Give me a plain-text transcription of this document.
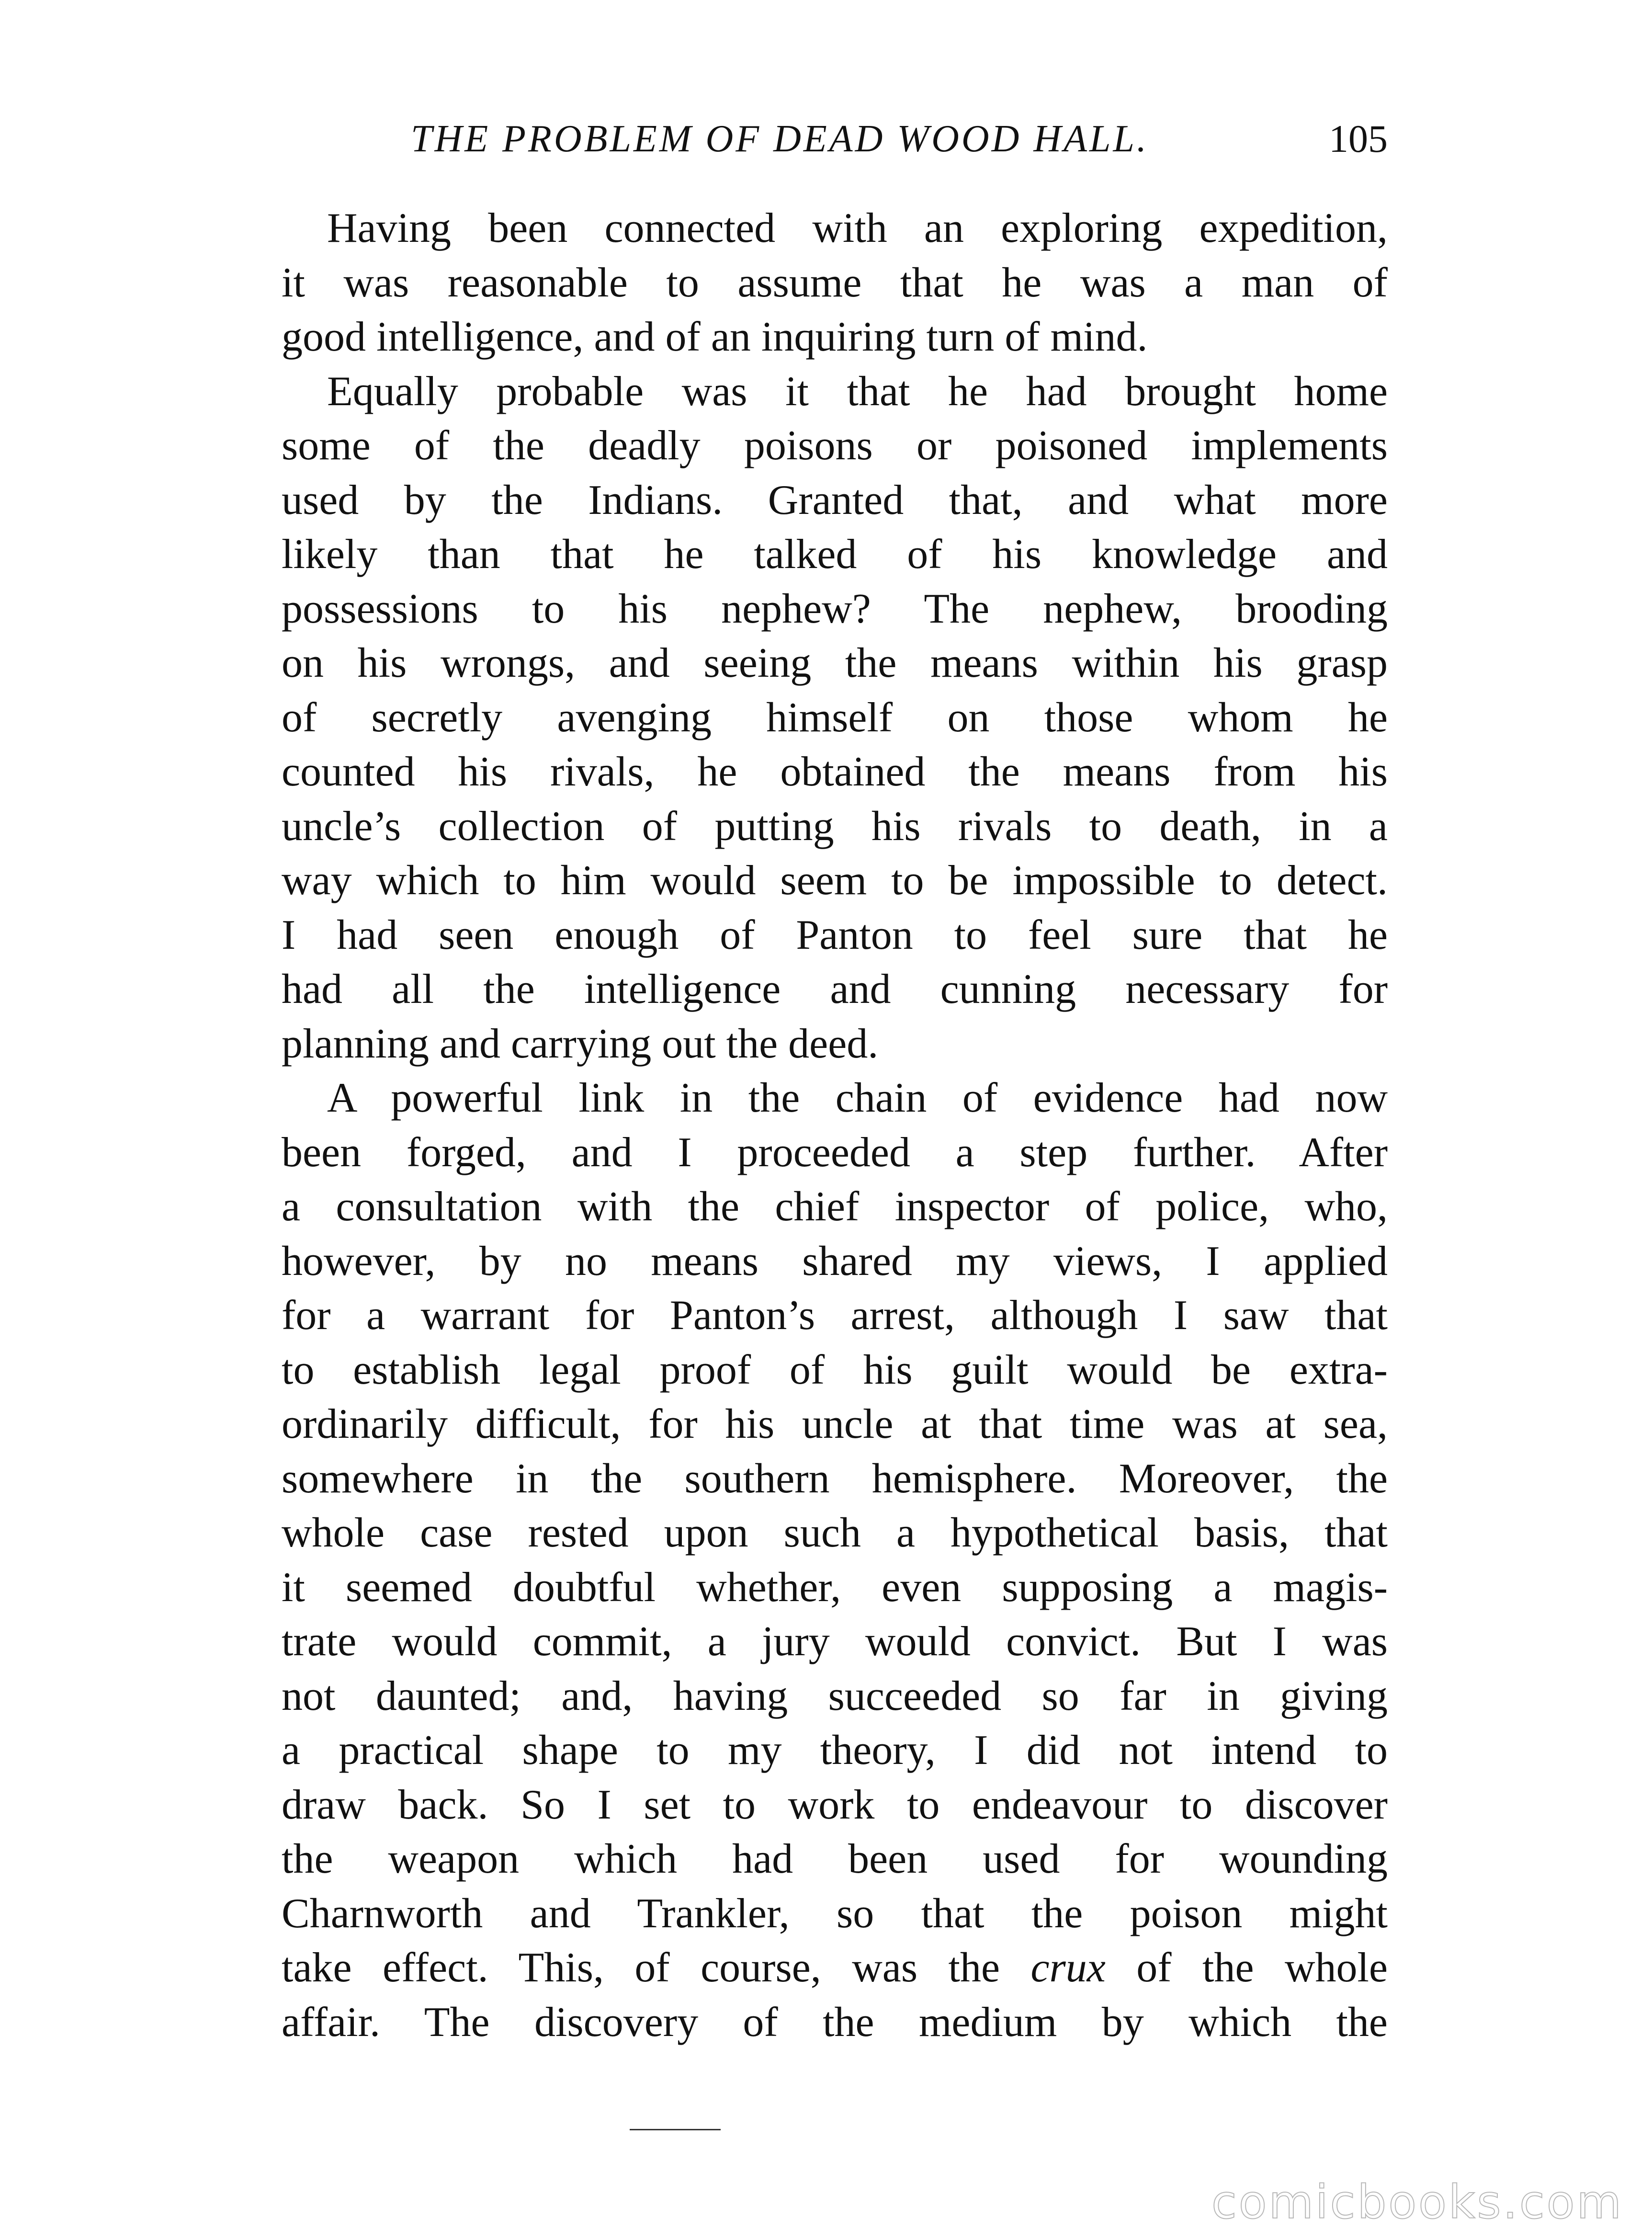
THE PROBLEM OF DEAD WOOD HALL.	105
Having been connected with an exploring expedition,
it was reasonable to assume that he was a man of
good intelligence, and of an inquiring turn of mind.
Equally probable was it that he had brought home
some of the deadly poisons or poisoned implements
used by the Indians. Granted that, and what more
likely than that he talked of his knowledge and
possessions to his nephew? The nephew, brooding
on his wrongs, and seeing the means within his grasp
of secretly avenging himself on those whom he
counted his rivals, he obtained the means from his
uncle’s collection of putting his rivals to death, in a
way which to him would seem to be impossible to detect.
I had seen enough of Panton to feel sure that he
had all the intelligence and cunning necessary for
planning and carrying out the deed.
A powerful link in the chain of evidence had now
been forged, and I proceeded a step further. After
a consultation with the chief inspector of police, who,
however, by no means shared my views, I applied
for a warrant for Panton’s arrest, although I saw that
to establish legal proof of his guilt would be extra-
ordinarily difficult, for his uncle at that time was at sea,
somewhere in the southern hemisphere. Moreover, the
whole case rested upon such a hypothetical basis, that
it seemed doubtful whether, even supposing a magis-
trate would commit, a jury would convict. But I was
not daunted; and, having succeeded so far in giving
a practical shape to my theory, I did not intend to
draw back. So I set to work to endeavour to discover
the weapon which had been used for wounding
Charnworth and Trankler, so that the poison might
take effect. This, of course, was the crux of the whole
affair. The discovery of the medium by which the
comicbooks.com
